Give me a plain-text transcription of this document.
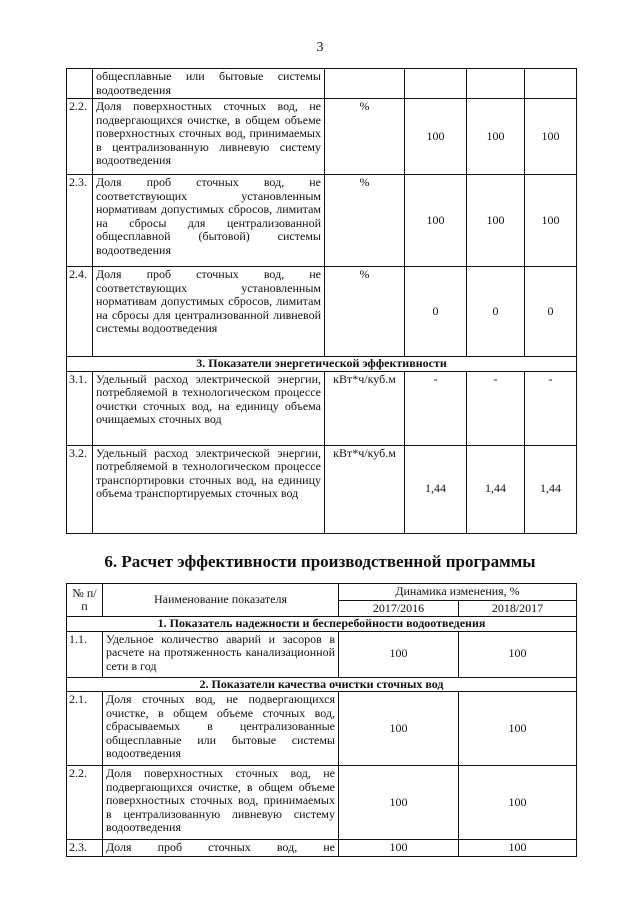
3
	общесплавные или бытовые системы водоотведения				
2.2.	Доля поверхностных сточных вод, не подвергающихся очистке, в общем объеме поверхностных сточных вод, принимаемых в централизованную ливневую систему водоотведения	%	100	100	100
2.3.	Доля проб сточных вод, не соответствующих установленным нормативам допустимых сбросов, лимитам на сбросы для централизованной общесплавной (бытовой) системы водоотведения	%	100	100	100
2.4.	Доля проб сточных вод, не соответствующих установленным нормативам допустимых сбросов, лимитам на сбросы для централизованной ливневой системы водоотведения	%	0	0	0
3. Показатели энергетической эффективности					
3.1.	Удельный расход электрической энергии, потребляемой в технологическом процессе очистки сточных вод, на единицу объема очищаемых сточных вод	кВт*ч/куб.м	-	-	-
3.2.	Удельный расход электрической энергии, потребляемой в технологическом процессе транспортировки сточных вод, на единицу объема транспортируемых сточных вод	кВт*ч/куб.м	1,44	1,44	1,44
6. Расчет эффективности производственной программы
№ п/п	Наименование показателя	Динамика изменения, %	
		2017/2016	2018/2017
1. Показатель надежности и бесперебойности водоотведения			
1.1.	Удельное количество аварий и засоров в расчете на протяженность канализационной сети в год	100	100
2. Показатели качества очистки сточных вод			
2.1.	Доля сточных вод, не подвергающихся очистке, в общем объеме сточных вод, сбрасываемых в централизованные общесплавные или бытовые системы водоотведения	100	100
2.2.	Доля поверхностных сточных вод, не подвергающихся очистке, в общем объеме поверхностных сточных вод, принимаемых в централизованную ливневую систему водоотведения	100	100
2.3.	Доля проб сточных вод, не	100	100
